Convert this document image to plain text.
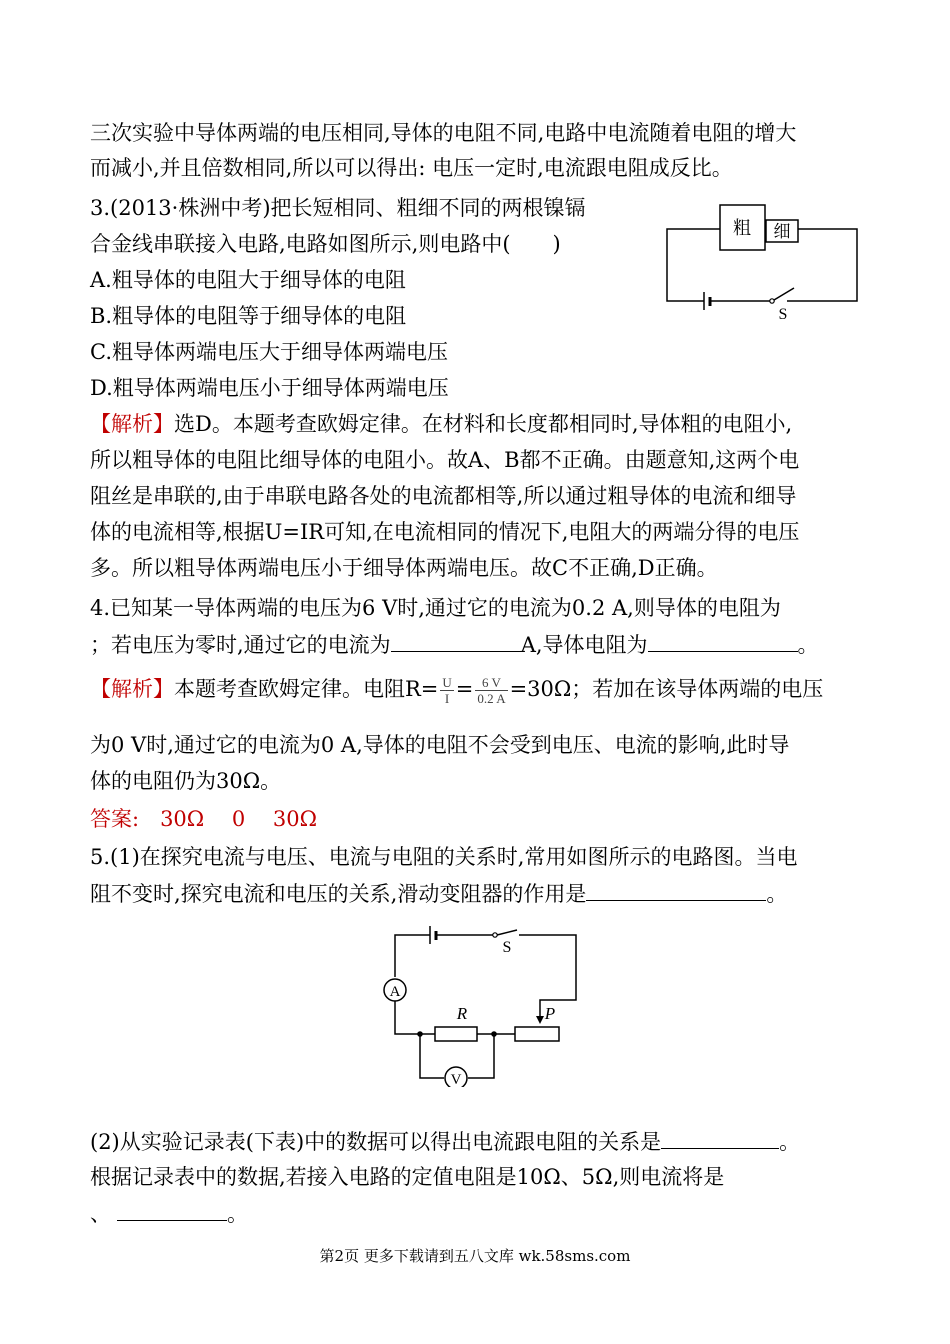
三次实验中导体两端的电压相同,导体的电阻不同,电路中电流随着电阻的增大
而减小,并且倍数相同,所以可以得出: 电压一定时,电流跟电阻成反比。
3.(2013·株洲中考)把长短相同、粗细不同的两根镍镉
合金线串联接入电路,电路如图所示,则电路中(　　)
A.粗导体的电阻大于细导体的电阻
B.粗导体的电阻等于细导体的电阻
C.粗导体两端电压大于细导体两端电压
D.粗导体两端电压小于细导体两端电压
粗 细
S
【解析】选D。本题考查欧姆定律。在材料和长度都相同时,导体粗的电阻小,
所以粗导体的电阻比细导体的电阻小。故A、B都不正确。由题意知,这两个电
阻丝是串联的,由于串联电路各处的电流都相等,所以通过粗导体的电流和细导
体的电流相等,根据U=IR可知,在电流相同的情况下,电阻大的两端分得的电压
多。所以粗导体两端电压小于细导体两端电压。故C不正确,D正确。
4.已知某一导体两端的电压为6 V时,通过它的电流为0.2 A,则导体的电阻为
；若电压为零时,通过它的电流为	A,导体电阻为	。
【解析】本题考查欧姆定律。电阻$R= \frac{U}{I} = \frac{6 V}{0.2 A} =30\Omega$；若加在该导体两端的电压
为0 V时,通过它的电流为0 A,导体的电阻不会受到电压、电流的影响,此时导
体的电阻仍为30Ω。
答案:　30Ω　 0　 30Ω
5.(1)在探究电流与电压、电流与电阻的关系时,常用如图所示的电路图。当电
阻不变时,探究电流和电压的关系,滑动变阻器的作用是	。
S
A
R	P
V
(2)从实验记录表(下表)中的数据可以得出电流跟电阻的关系是	。
根据记录表中的数据,若接入电路的定值电阻是10Ω、5Ω,则电流将是
、	。
第2页 更多下载请到五八文库 wk.58sms.com
